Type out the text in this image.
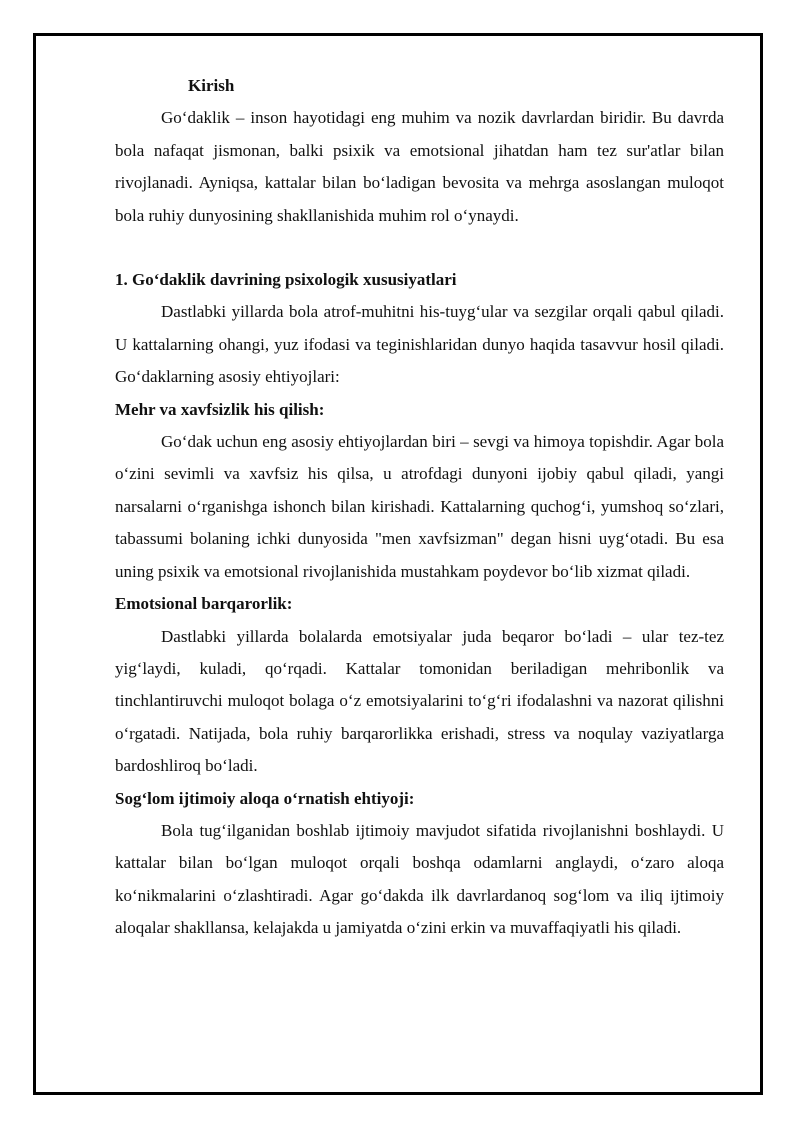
Kirish

Go‘daklik – inson hayotidagi eng muhim va nozik davrlardan biridir. Bu davrda bola nafaqat jismonan, balki psixik va emotsional jihatdan ham tez sur'atlar bilan rivojlanadi. Ayniqsa, kattalar bilan bo‘ladigan bevosita va mehrga asoslangan muloqot bola ruhiy dunyosining shakllanishida muhim rol o‘ynaydi.

1. Go‘daklik davrining psixologik xususiyatlari

Dastlabki yillarda bola atrof-muhitni his-tuyg‘ular va sezgilar orqali qabul qiladi. U kattalarning ohangi, yuz ifodasi va teginishlaridan dunyo haqida tasavvur hosil qiladi. Go‘daklarning asosiy ehtiyojlari:

Mehr va xavfsizlik his qilish:

Go‘dak uchun eng asosiy ehtiyojlardan biri – sevgi va himoya topishdir. Agar bola o‘zini sevimli va xavfsiz his qilsa, u atrofdagi dunyoni ijobiy qabul qiladi, yangi narsalarni o‘rganishga ishonch bilan kirishadi. Kattalarning quchog‘i, yumshoq so‘zlari, tabassumi bolaning ichki dunyosida "men xavfsizman" degan hisni uyg‘otadi. Bu esa uning psixik va emotsional rivojlanishida mustahkam poydevor bo‘lib xizmat qiladi.

Emotsional barqarorlik:

Dastlabki yillarda bolalarda emotsiyalar juda beqaror bo‘ladi – ular tez-tez yig‘laydi, kuladi, qo‘rqadi. Kattalar tomonidan beriladigan mehribonlik va tinchlantiruvchi muloqot bolaga o‘z emotsiyalarini to‘g‘ri ifodalashni va nazorat qilishni o‘rgatadi. Natijada, bola ruhiy barqarorlikka erishadi, stress va noqulay vaziyatlarga bardoshliroq bo‘ladi.

Sog‘lom ijtimoiy aloqa o‘rnatish ehtiyoji:

Bola tug‘ilganidan boshlab ijtimoiy mavjudot sifatida rivojlanishni boshlaydi. U kattalar bilan bo‘lgan muloqot orqali boshqa odamlarni anglaydi, o‘zaro aloqa ko‘nikmalarini o‘zlashtiradi. Agar go‘dakda ilk davrlardanoq sog‘lom va iliq ijtimoiy aloqalar shakllansa, kelajakda u jamiyatda o‘zini erkin va muvaffaqiyatli his qiladi.
